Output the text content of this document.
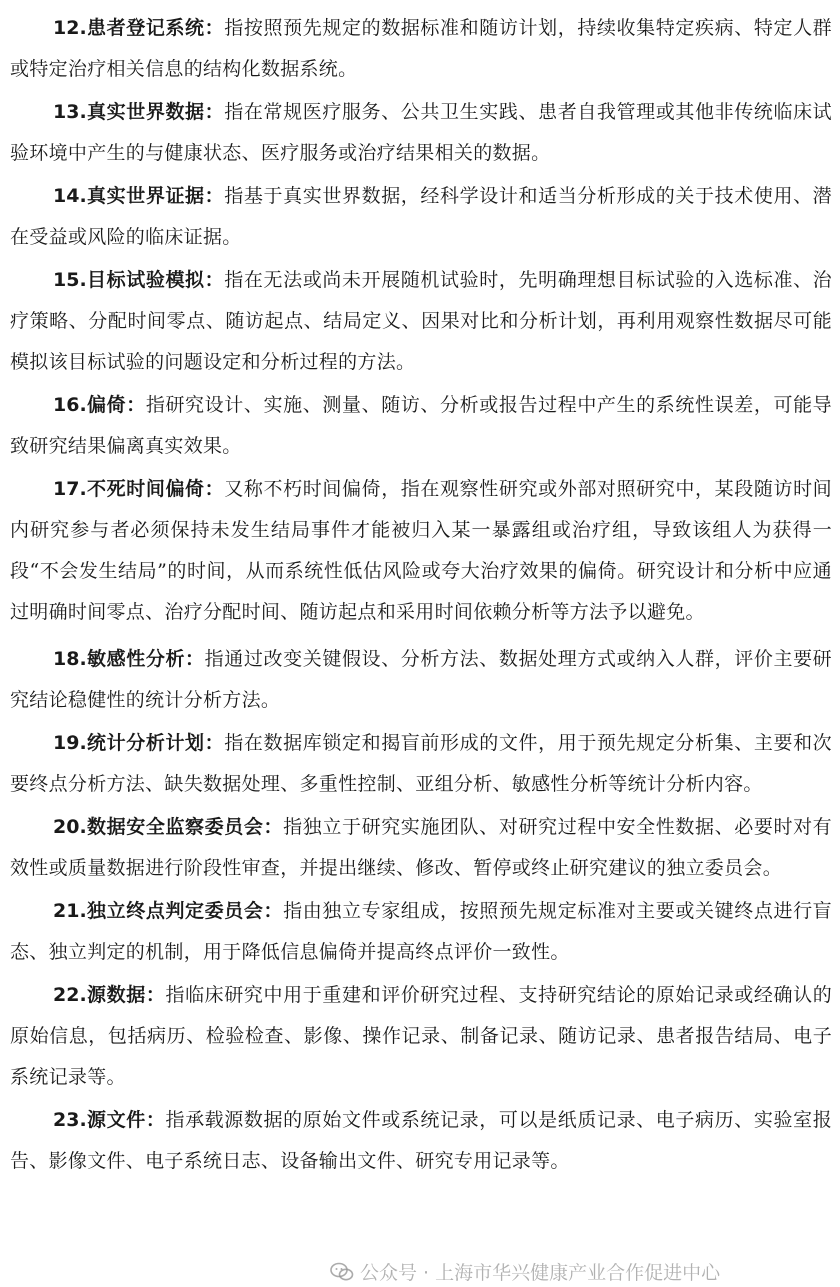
12.患者登记系统：指按照预先规定的数据标准和随访计划，持续收集特定疾病、特定人群或特定治疗相关信息的结构化数据系统。

13.真实世界数据：指在常规医疗服务、公共卫生实践、患者自我管理或其他非传统临床试验环境中产生的与健康状态、医疗服务或治疗结果相关的数据。

14.真实世界证据：指基于真实世界数据，经科学设计和适当分析形成的关于技术使用、潜在受益或风险的临床证据。

15.目标试验模拟：指在无法或尚未开展随机试验时，先明确理想目标试验的入选标准、治疗策略、分配时间零点、随访起点、结局定义、因果对比和分析计划，再利用观察性数据尽可能模拟该目标试验的问题设定和分析过程的方法。

16.偏倚：指研究设计、实施、测量、随访、分析或报告过程中产生的系统性误差，可能导致研究结果偏离真实效果。

17.不死时间偏倚：又称不朽时间偏倚，指在观察性研究或外部对照研究中，某段随访时间内研究参与者必须保持未发生结局事件才能被归入某一暴露组或治疗组，导致该组人为获得一段“不会发生结局”的时间，从而系统性低估风险或夸大治疗效果的偏倚。研究设计和分析中应通过明确时间零点、治疗分配时间、随访起点和采用时间依赖分析等方法予以避免。

18.敏感性分析：指通过改变关键假设、分析方法、数据处理方式或纳入人群，评价主要研究结论稳健性的统计分析方法。

19.统计分析计划：指在数据库锁定和揭盲前形成的文件，用于预先规定分析集、主要和次要终点分析方法、缺失数据处理、多重性控制、亚组分析、敏感性分析等统计分析内容。

20.数据安全监察委员会：指独立于研究实施团队、对研究过程中安全性数据、必要时对有效性或质量数据进行阶段性审查，并提出继续、修改、暂停或终止研究建议的独立委员会。

21.独立终点判定委员会：指由独立专家组成，按照预先规定标准对主要或关键终点进行盲态、独立判定的机制，用于降低信息偏倚并提高终点评价一致性。

22.源数据：指临床研究中用于重建和评价研究过程、支持研究结论的原始记录或经确认的原始信息，包括病历、检验检查、影像、操作记录、制备记录、随访记录、患者报告结局、电子系统记录等。

23.源文件：指承载源数据的原始文件或系统记录，可以是纸质记录、电子病历、实验室报告、影像文件、电子系统日志、设备输出文件、研究专用记录等。

公众号 · 上海市华兴健康产业合作促进中心
